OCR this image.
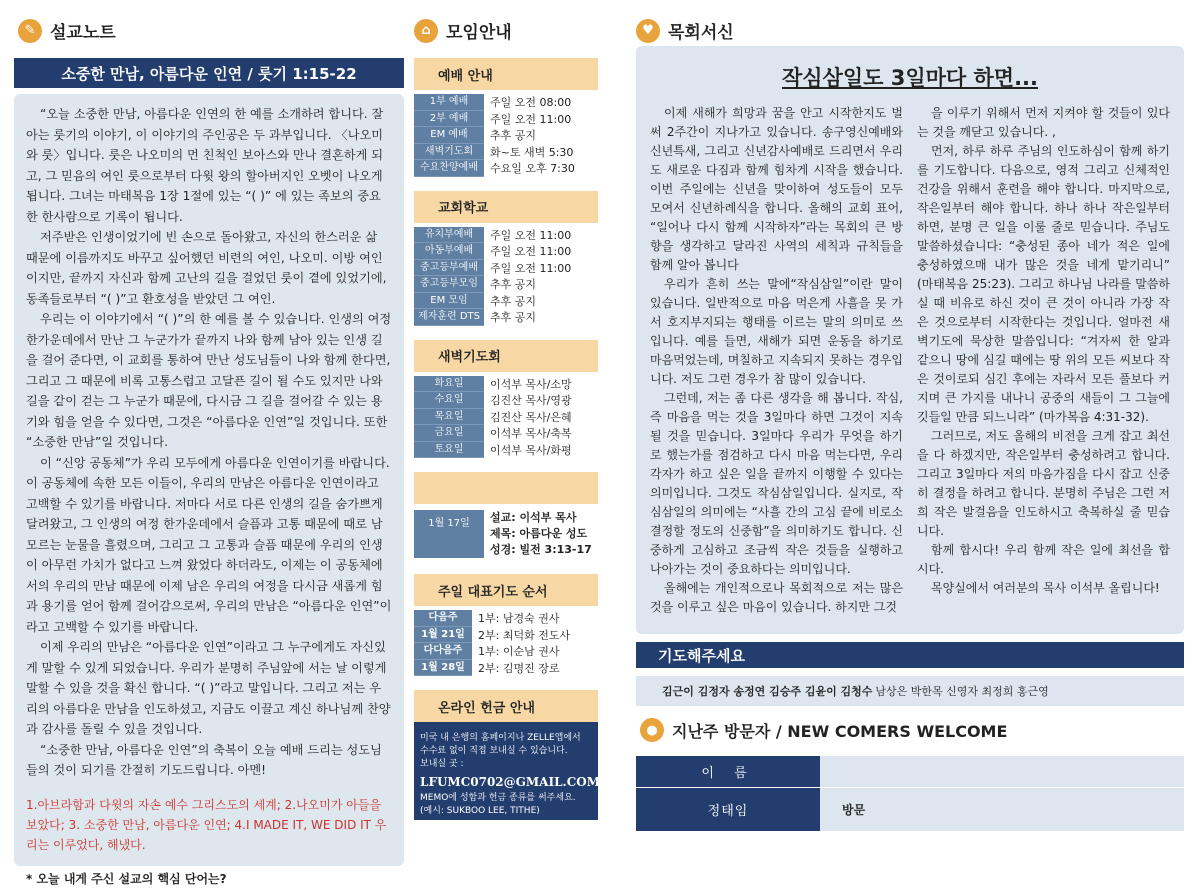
✎ 설교노트	⌂ 모임안내	♥ 목회서신
소중한 만남, 아름다운 인연 / 룻기 1:15-22

“오늘 소중한 만남, 아름다운 인연의 한 예를 소개하려 합니다. 잘 아는 룻기의 이야기, 이 이야기의 주인공은 두 과부입니다. 〈나오미와 룻〉입니다. 룻은 나오미의 먼 친척인 보아스와 만나 결혼하게 되고, 그 믿음의 여인 룻으로부터 다윗 왕의 할아버지인 오벳이 나오게 됩니다. 그녀는 마태복음 1장 1절에 있는 “( )” 에 있는 족보의 중요한 한사람으로 기록이 됩니다.

저주받은 인생이었기에 빈 손으로 돌아왔고, 자신의 한스러운 삶 때문에 이름까지도 바꾸고 싶어했던 비련의 여인, 나오미. 이방 여인이지만, 끝까지 자신과 함께 고난의 길을 걸었던 룻이 곁에 있었기에, 동족들로부터 “( )”고 환호성을 받았던 그 여인.

우리는 이 이야기에서 “( )”의 한 예를 볼 수 있습니다. 인생의 여정 한가운데에서 만난 그 누군가가 끝까지 나와 함께 남아 있는 인생 길을 걸어 준다면, 이 교회를 통하여 만난 성도님들이 나와 함께 한다면, 그리고 그 때문에 비록 고통스럽고 고달픈 길이 될 수도 있지만 나와 길을 같이 걷는 그 누군가 때문에, 다시금 그 길을 걸어갈 수 있는 용기와 힘을 얻을 수 있다면, 그것은 “아름다운 인연”일 것입니다. 또한 “소중한 만남”일 것입니다.

이 “신앙 공동체”가 우리 모두에게 아름다운 인연이기를 바랍니다. 이 공동체에 속한 모든 이들이, 우리의 만남은 아름다운 인연이라고 고백할 수 있기를 바랍니다. 저마다 서로 다른 인생의 길을 숨가쁘게 달려왔고, 그 인생의 여정 한가운데에서 슬픔과 고통 때문에 때로 남모르는 눈물을 흘렸으며, 그리고 그 고통과 슬픔 때문에 우리의 인생이 아무런 가치가 없다고 느껴 왔었다 하더라도, 이제는 이 공동체에서의 우리의 만남 때문에 이제 남은 우리의 여정을 다시금 새롭게 힘과 용기를 얻어 함께 걸어감으로써, 우리의 만남은 “아름다운 인연”이라고 고백할 수 있기를 바랍니다.

이제 우리의 만남은 “아름다운 인연”이라고 그 누구에게도 자신있게 말할 수 있게 되었습니다. 우리가 분명히 주님앞에 서는 날 이렇게 말할 수 있을 것을 확신 합니다. “( )”라고 말입니다. 그리고 저는 우리의 아름다운 만남을 인도하셨고, 지금도 이끌고 계신 하나님께 찬양과 감사를 돌릴 수 있을 것입니다.

“소중한 만남, 아름다운 인연”의 축복이 오늘 예배 드리는 성도님들의 것이 되기를 간절히 기도드립니다. 아멘!

1.아브라함과 다윗의 자손 예수 그리스도의 세계; 2.나오미가 아들을 보았다; 3. 소중한 만남, 아름다운 인연; 4.I MADE IT, WE DID IT 우리는 이루었다, 해냈다.
* 오늘 내게 주신 설교의 핵심 단어는?
예배 안내
1부 예배	주일 오전 08:00
2부 예배	주일 오전 11:00
EM 예배	추후 공지
새벽기도회	화~토 새벽 5:30
수요찬양예배	수요일 오후 7:30
교회학교
유치부예배	주일 오전 11:00
아동부예배	주일 오전 11:00
중고등부예배	주일 오전 11:00
중고등부모임	추후 공지
EM 모임	추후 공지
제자훈련 DTS 추후 공지
새벽기도회
화요일	이석부 목사/소망
수요일	김진산 목사/영광
목요일	김진산 목사/은혜
금요일	이석부 목사/축복
토요일	이석부 목사/화평
1월 17일	설교: 이석부 목사
제목: 아름다운 성도
성경: 빌전 3:13-17
주일 대표기도 순서
다음주	1부: 남경숙 권사
1월 21일	2부: 최덕화 전도사
다다음주	1부: 이순남 권사
1월 28일	2부: 김명진 장로
온라인 헌금 안내
미국 내 은행의 홈페이지나 ZELLE앱에서 수수료 없이 직접 보내실 수 있습니다.
보내실 곳 :
LFUMC0702@GMAIL.COM
MEMO에 성함과 헌금 종류를 써주세요.
(예시: SUKBOO LEE, TITHE)
작심삼일도 3일마다 하면...

이제 새해가 희망과 꿈을 안고 시작한지도 벌써 2주간이 지나가고 있습니다. 송구영신예배와 신년특새, 그리고 신년감사예배로 드리면서 우리도 새로운 다짐과 함께 힘차게 시작을 했습니다. 이번 주일에는 신년을 맞이하여 성도들이 모두 모여서 신년하례식을 합니다. 올해의 교회 표어, “일어나 다시 함께 시작하자”라는 목회의 큰 방향을 생각하고 달라진 사역의 세칙과 규칙들을 함께 알아 봅니다

우리가 흔히 쓰는 말에“작심삼일”이란 말이 있습니다. 일반적으로 마음 먹은게 사흘을 못 가서 호지부지되는 행태를 이르는 말의 의미로 쓰입니다. 예를 들면, 새해가 되면 운동을 하기로 마음먹었는데, 며칠하고 지속되지 못하는 경우입니다. 저도 그런 경우가 참 많이 있습니다.

그런데, 저는 좀 다른 생각을 해 봅니다. 작심, 즉 마음을 먹는 것을 3일마다 하면 그것이 지속될 것을 믿습니다. 3일마다 우리가 무엇을 하기로 했는가를 점검하고 다시 마음 먹는다면, 우리 각자가 하고 싶은 일을 끝까지 이행할 수 있다는 의미입니다. 그것도 작심삼일입니다. 실지로, 작심삼일의 의미에는 “사흘 간의 고심 끝에 비로소 결정할 정도의 신중함”을 의미하기도 합니다. 신중하게 고심하고 조금씩 작은 것들을 실행하고 나아가는 것이 중요하다는 의미입니다.

올해에는 개인적으로나 목회적으로 저는 많은 것을 이루고 싶은 마음이 있습니다. 하지만 그것

을 이루기 위해서 먼저 지켜야 할 것들이 있다는 것을 깨닫고 있습니다. ,

먼저, 하루 하루 주님의 인도하심이 함께 하기를 기도합니다. 다음으로, 영적 그리고 신체적인 건강을 위해서 훈련을 해야 합니다. 마지막으로, 작은일부터 해야 합니다. 하나 하나 작은일부터 하면, 분명 큰 일을 이룰 줄로 믿습니다. 주님도 말씀하셨습니다: “충성된 종아 네가 적은 일에 충성하였으매 내가 많은 것을 네게 맡기리니” (마태복음 25:23). 그리고 하나님 나라를 말씀하실 때 비유로 하신 것이 큰 것이 아니라 가장 작은 것으로부터 시작한다는 것입니다. 얼마전 새벽기도에 묵상한 말씀입니다: “겨자씨 한 알과 같으니 땅에 심길 때에는 땅 위의 모든 씨보다 작은 것이로되 심긴 후에는 자라서 모든 풀보다 커지며 큰 가지를 내나니 공중의 새들이 그 그늘에 깃들일 만큼 되느니라” (마가복음 4:31-32).

그러므로, 저도 올해의 비전을 크게 잡고 최선을 다 하겠지만, 작은일부터 충성하려고 합니다. 그리고 3일마다 저의 마음가짐을 다시 잡고 신중히 결정을 하려고 합니다. 분명히 주님은 그런 저희 작은 발걸음을 인도하시고 축복하실 줄 믿습니다.

함께 합시다! 우리 함께 작은 일에 최선을 합시다.

목양실에서 여러분의 목사 이석부 올립니다!

기도해주세요
김근이 김정자 송정연 김승주 김윤이 김청수 남상은 박한목 신영자 최정희 홍근영
● 지난주 방문자 / NEW COMERS WELCOME
이 름
정태임	방문
